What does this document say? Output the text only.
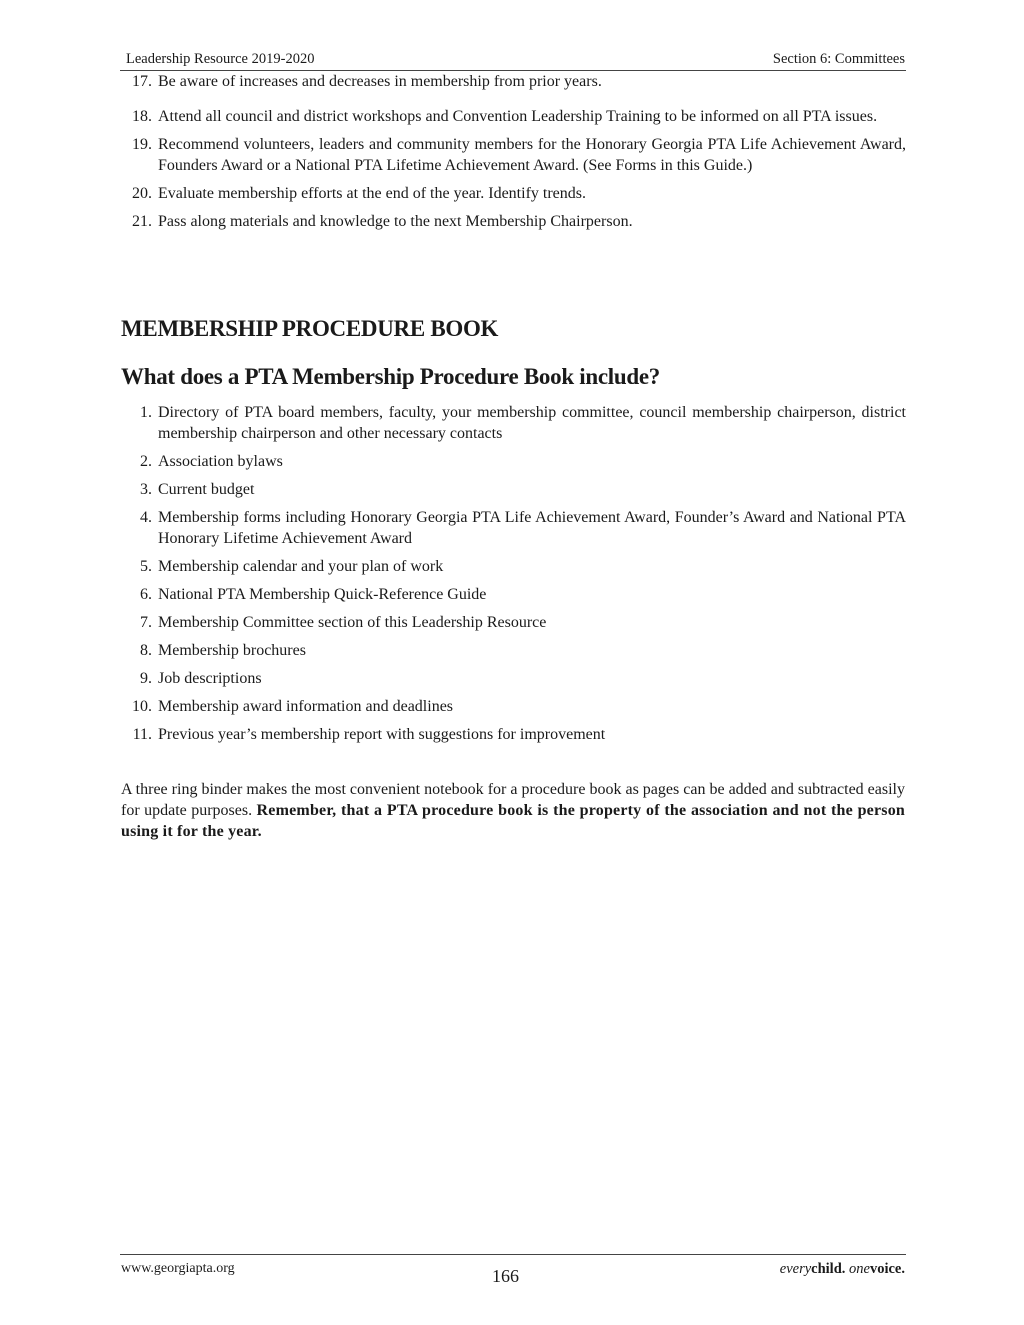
Leadership Resource 2019-2020	Section 6: Committees
17. Be aware of increases and decreases in membership from prior years.
18. Attend all council and district workshops and Convention Leadership Training to be informed on all PTA issues.
19. Recommend volunteers, leaders and community members for the Honorary Georgia PTA Life Achievement Award, Founders Award or a National PTA Lifetime Achievement Award. (See Forms in this Guide.)
20. Evaluate membership efforts at the end of the year. Identify trends.
21. Pass along materials and knowledge to the next Membership Chairperson.
MEMBERSHIP PROCEDURE BOOK
What does a PTA Membership Procedure Book include?
1. Directory of PTA board members, faculty, your membership committee, council membership chairperson, district membership chairperson and other necessary contacts
2. Association bylaws
3. Current budget
4. Membership forms including Honorary Georgia PTA Life Achievement Award, Founder’s Award and National PTA Honorary Lifetime Achievement Award
5. Membership calendar and your plan of work
6. National PTA Membership Quick-Reference Guide
7. Membership Committee section of this Leadership Resource
8. Membership brochures
9. Job descriptions
10. Membership award information and deadlines
11. Previous year’s membership report with suggestions for improvement

A three ring binder makes the most convenient notebook for a procedure book as pages can be added and subtracted easily for update purposes. Remember, that a PTA procedure book is the property of the association and not the person using it for the year.

www.georgiapta.org	166	everychild. onevoice.
